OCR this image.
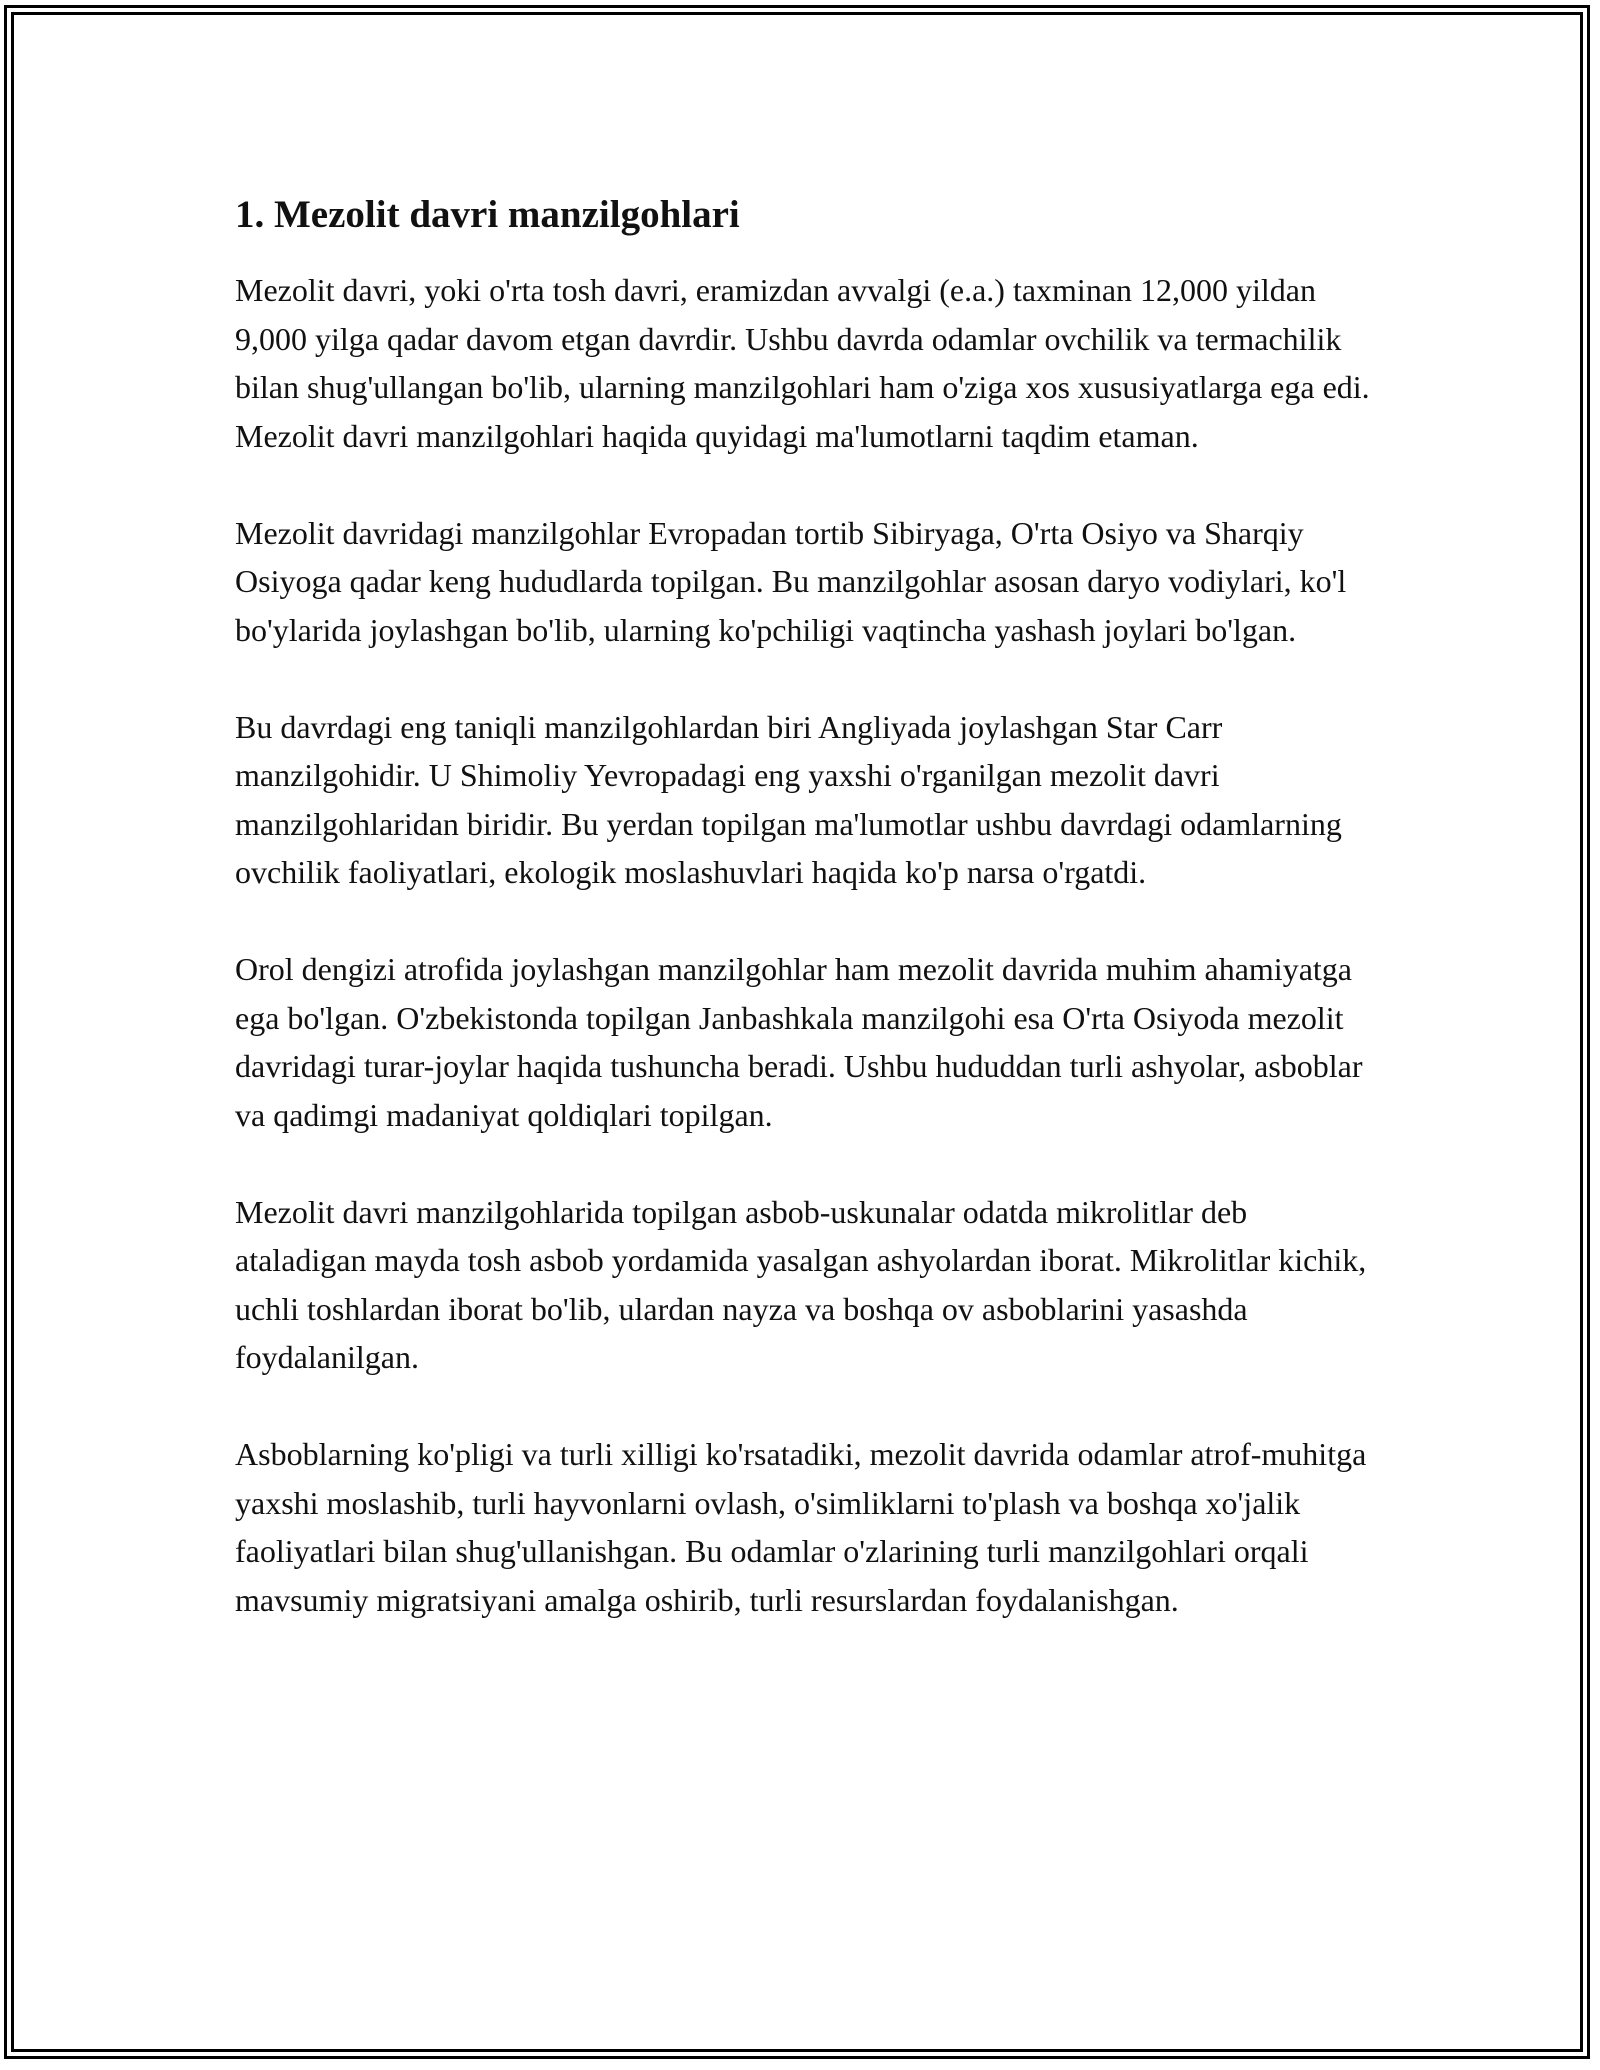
1. Mezolit davri manzilgohlari

Mezolit davri, yoki o'rta tosh davri, eramizdan avvalgi (e.a.) taxminan 12,000 yildan 9,000 yilga qadar davom etgan davrdir. Ushbu davrda odamlar ovchilik va termachilik bilan shug'ullangan bo'lib, ularning manzilgohlari ham o'ziga xos xususiyatlarga ega edi. Mezolit davri manzilgohlari haqida quyidagi ma'lumotlarni taqdim etaman.

Mezolit davridagi manzilgohlar Evropadan tortib Sibiryaga, O'rta Osiyo va Sharqiy Osiyoga qadar keng hududlarda topilgan. Bu manzilgohlar asosan daryo vodiylari, ko'l bo'ylarida joylashgan bo'lib, ularning ko'pchiligi vaqtincha yashash joylari bo'lgan.

Bu davrdagi eng taniqli manzilgohlardan biri Angliyada joylashgan Star Carr manzilgohidir. U Shimoliy Yevropadagi eng yaxshi o'rganilgan mezolit davri manzilgohlaridan biridir. Bu yerdan topilgan ma'lumotlar ushbu davrdagi odamlarning ovchilik faoliyatlari, ekologik moslashuvlari haqida ko'p narsa o'rgatdi.

Orol dengizi atrofida joylashgan manzilgohlar ham mezolit davrida muhim ahamiyatga ega bo'lgan. O'zbekistonda topilgan Janbashkala manzilgohi esa O'rta Osiyoda mezolit davridagi turar-joylar haqida tushuncha beradi. Ushbu hududdan turli ashyolar, asboblar va qadimgi madaniyat qoldiqlari topilgan.

Mezolit davri manzilgohlarida topilgan asbob-uskunalar odatda mikrolitlar deb ataladigan mayda tosh asbob yordamida yasalgan ashyolardan iborat. Mikrolitlar kichik, uchli toshlardan iborat bo'lib, ulardan nayza va boshqa ov asboblarini yasashda foydalanilgan.

Asboblarning ko'pligi va turli xilligi ko'rsatadiki, mezolit davrida odamlar atrof-muhitga yaxshi moslashib, turli hayvonlarni ovlash, o'simliklarni to'plash va boshqa xo'jalik faoliyatlari bilan shug'ullanishgan. Bu odamlar o'zlarining turli manzilgohlari orqali mavsumiy migratsiyani amalga oshirib, turli resurslardan foydalanishgan.
